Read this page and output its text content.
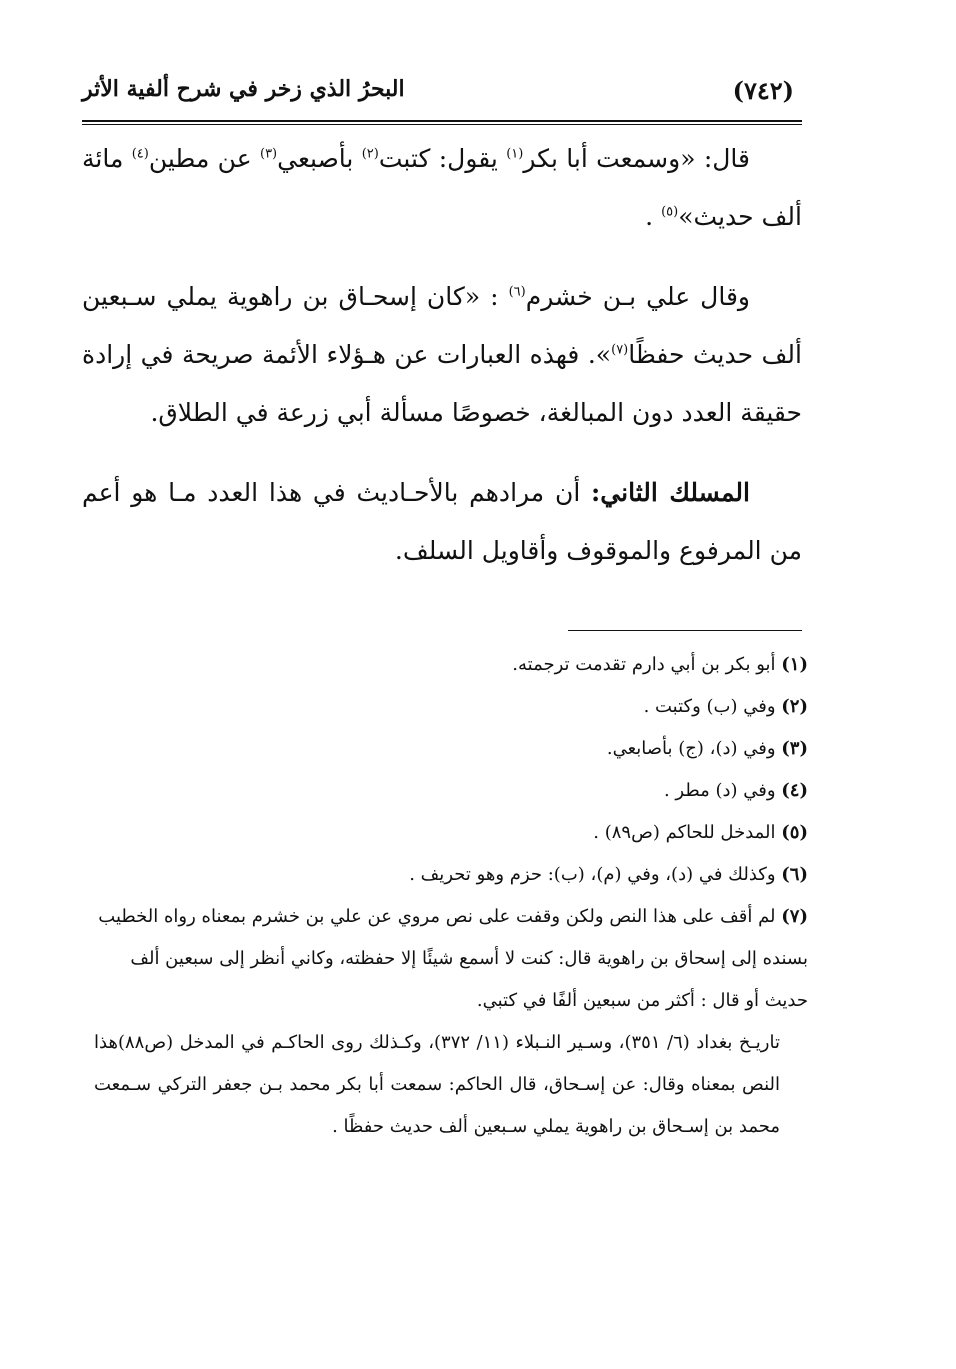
(٧٤٢)
البحرُ الذي زخر في شرح ألفية الأثر

قال: «وسمعت أبا بكر$^{(١)}$ يقول: كتبت$^{(٢)}$ بأصبعي$^{(٣)}$ عن مطين$^{(٤)}$ مائة ألف حديث»$^{(٥)}$ .

وقال علي بـن خشرم$^{(٦)}$ : «كان إسحـاق بن راهوية يملي سـبعين ألف حديث حفظًا$^{(٧)}$». فهذه العبارات عن هـؤلاء الأئمة صريحة في إرادة حقيقة العدد دون المبالغة، خصوصًا مسألة أبي زرعة في الطلاق.

المسلك الثاني: أن مرادهم بالأحـاديث في هذا العدد مـا هو أعم من المرفوع والموقوف وأقاويل السلف.

(١) أبو بكر بن أبي دارم تقدمت ترجمته.

(٢) وفي (ب) وكتبت .

(٣) وفي (د)، (ج) بأصابعي.

(٤) وفي (د) مطر .

(٥) المدخل للحاكم (ص٨٩) .

(٦) وكذلك في (د)، وفي (م)، (ب): حزم وهو تحريف .

(٧) لم أقف على هذا النص ولكن وقفت على نص مروي عن علي بن خشرم بمعناه رواه الخطيب بسنده إلى إسحاق بن راهوية قال: كنت لا أسمع شيئًا إلا حفظته، وكاني أنظر إلى سبعين ألف حديث أو قال : أكثر من سبعين ألفًا في كتبي.

تاريـخ بغداد (٦/ ٣٥١)، وسـير النـبلاء (١١/ ٣٧٢)، وكـذلك روى الحاكـم في المدخل (ص٨٨)هذا النص بمعناه وقال: عن إسـحاق، قال الحاكم: سمعت أبا بكر محمد بـن جعفر التركي سـمعت محمد بن إسـحاق بن راهوية يملي سـبعين ألف حديث حفظًا .
